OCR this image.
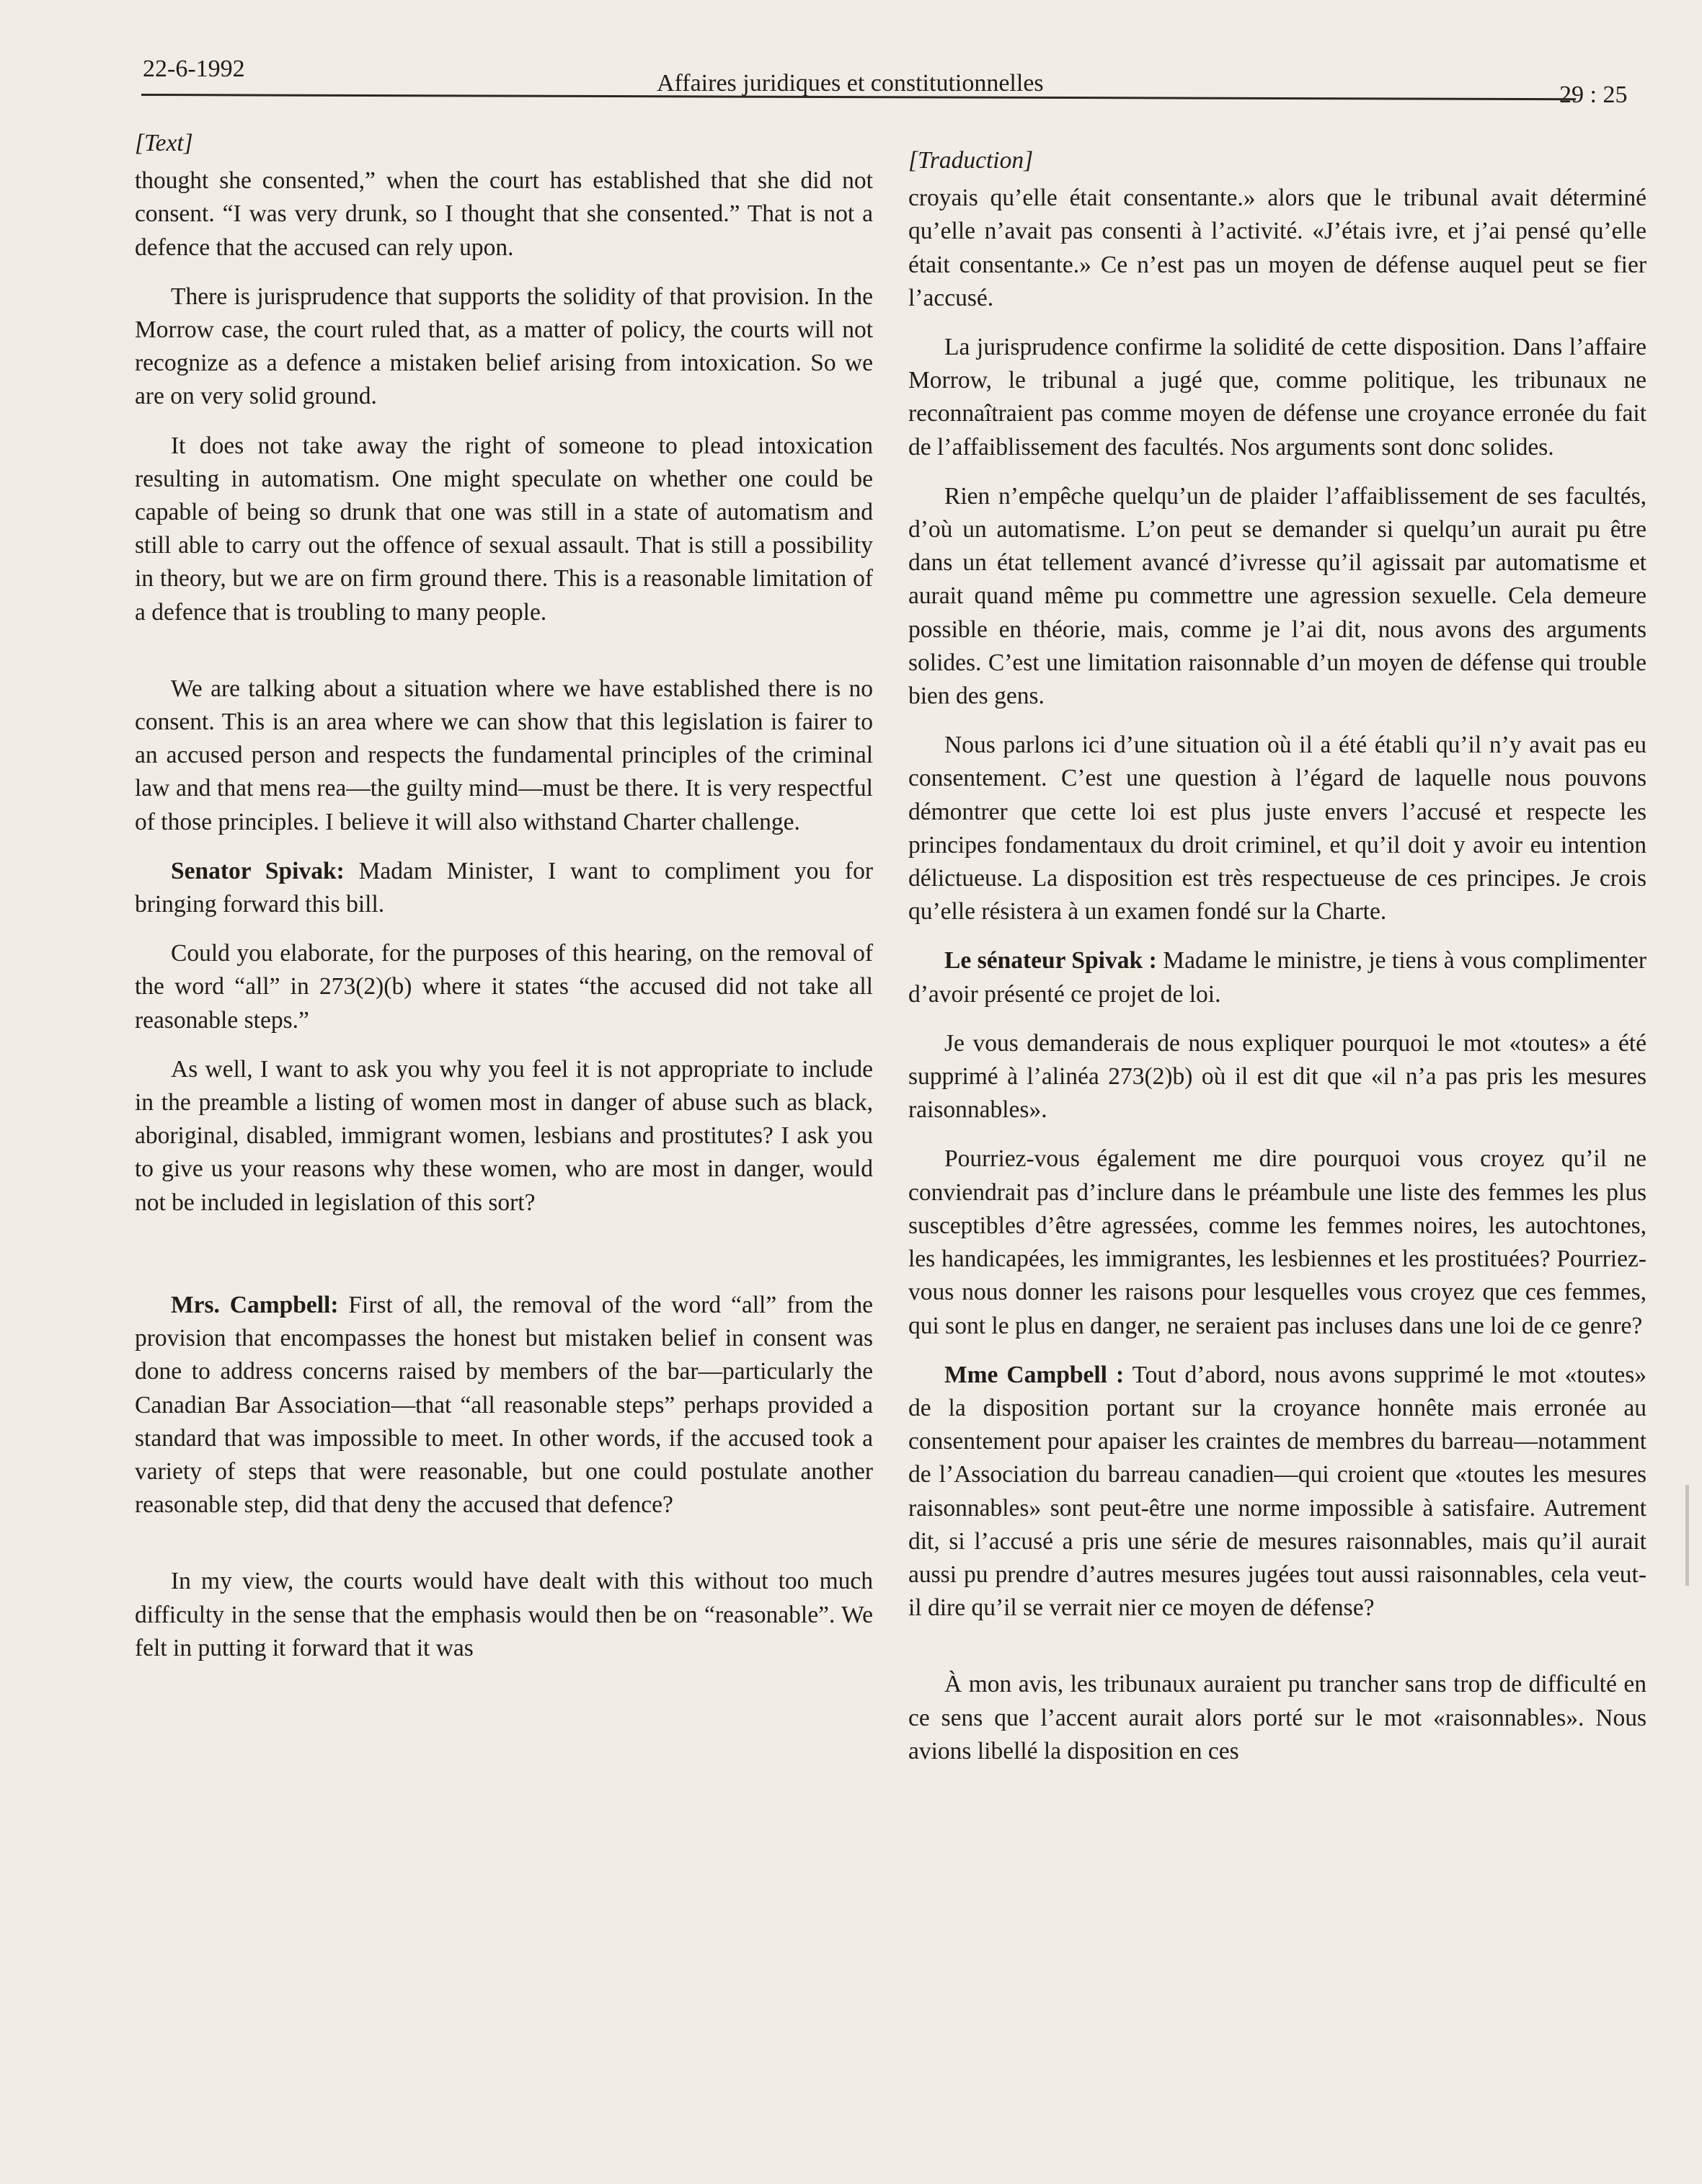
22-6-1992
Affaires juridiques et constitutionnelles	29 : 25
[Text]

thought she consented,” when the court has established that she did not consent. “I was very drunk, so I thought that she consented.” That is not a defence that the accused can rely upon.

There is jurisprudence that supports the solidity of that provision. In the Morrow case, the court ruled that, as a matter of policy, the courts will not recognize as a defence a mistaken belief arising from intoxication. So we are on very solid ground.

It does not take away the right of someone to plead intoxication resulting in automatism. One might speculate on whether one could be capable of being so drunk that one was still in a state of automatism and still able to carry out the offence of sexual assault. That is still a possibility in theory, but we are on firm ground there. This is a reasonable limitation of a defence that is troubling to many people.

We are talking about a situation where we have established there is no consent. This is an area where we can show that this legislation is fairer to an accused person and respects the fundamental principles of the criminal law and that mens rea—the guilty mind—must be there. It is very respectful of those principles. I believe it will also withstand Charter challenge.

Senator Spivak: Madam Minister, I want to compliment you for bringing forward this bill.

Could you elaborate, for the purposes of this hearing, on the removal of the word “all” in 273(2)(b) where it states “the accused did not take all reasonable steps.”

As well, I want to ask you why you feel it is not appropriate to include in the preamble a listing of women most in danger of abuse such as black, aboriginal, disabled, immigrant women, lesbians and prostitutes? I ask you to give us your reasons why these women, who are most in danger, would not be included in legislation of this sort?

Mrs. Campbell: First of all, the removal of the word “all” from the provision that encompasses the honest but mistaken belief in consent was done to address concerns raised by members of the bar—particularly the Canadian Bar Association—that “all reasonable steps” perhaps provided a standard that was impossible to meet. In other words, if the accused took a variety of steps that were reasonable, but one could postulate another reasonable step, did that deny the accused that defence?

In my view, the courts would have dealt with this without too much difficulty in the sense that the emphasis would then be on “reasonable”. We felt in putting it forward that it was

[Traduction]

croyais qu’elle était consentante.» alors que le tribunal avait déterminé qu’elle n’avait pas consenti à l’activité. «J’étais ivre, et j’ai pensé qu’elle était consentante.» Ce n’est pas un moyen de défense auquel peut se fier l’accusé.

La jurisprudence confirme la solidité de cette disposition. Dans l’affaire Morrow, le tribunal a jugé que, comme politique, les tribunaux ne reconnaîtraient pas comme moyen de défense une croyance erronée du fait de l’affaiblissement des facultés. Nos arguments sont donc solides.

Rien n’empêche quelqu’un de plaider l’affaiblissement de ses facultés, d’où un automatisme. L’on peut se demander si quelqu’un aurait pu être dans un état tellement avancé d’ivresse qu’il agissait par automatisme et aurait quand même pu commettre une agression sexuelle. Cela demeure possible en théorie, mais, comme je l’ai dit, nous avons des arguments solides. C’est une limitation raisonnable d’un moyen de défense qui trouble bien des gens.

Nous parlons ici d’une situation où il a été établi qu’il n’y avait pas eu consentement. C’est une question à l’égard de laquelle nous pouvons démontrer que cette loi est plus juste envers l’accusé et respecte les principes fondamentaux du droit criminel, et qu’il doit y avoir eu intention délictueuse. La disposition est très respectueuse de ces principes. Je crois qu’elle résistera à un examen fondé sur la Charte.

Le sénateur Spivak : Madame le ministre, je tiens à vous complimenter d’avoir présenté ce projet de loi.

Je vous demanderais de nous expliquer pourquoi le mot «toutes» a été supprimé à l’alinéa 273(2)b) où il est dit que «il n’a pas pris les mesures raisonnables».

Pourriez-vous également me dire pourquoi vous croyez qu’il ne conviendrait pas d’inclure dans le préambule une liste des femmes les plus susceptibles d’être agressées, comme les femmes noires, les autochtones, les handicapées, les immigrantes, les lesbiennes et les prostituées? Pourriez-vous nous donner les raisons pour lesquelles vous croyez que ces femmes, qui sont le plus en danger, ne seraient pas incluses dans une loi de ce genre?

Mme Campbell : Tout d’abord, nous avons supprimé le mot «toutes» de la disposition portant sur la croyance honnête mais erronée au consentement pour apaiser les craintes de membres du barreau—notamment de l’Association du barreau canadien—qui croient que «toutes les mesures raisonnables» sont peut-être une norme impossible à satisfaire. Autrement dit, si l’accusé a pris une série de mesures raisonnables, mais qu’il aurait aussi pu prendre d’autres mesures jugées tout aussi raisonnables, cela veut-il dire qu’il se verrait nier ce moyen de défense?

À mon avis, les tribunaux auraient pu trancher sans trop de difficulté en ce sens que l’accent aurait alors porté sur le mot «raisonnables». Nous avions libellé la disposition en ces
